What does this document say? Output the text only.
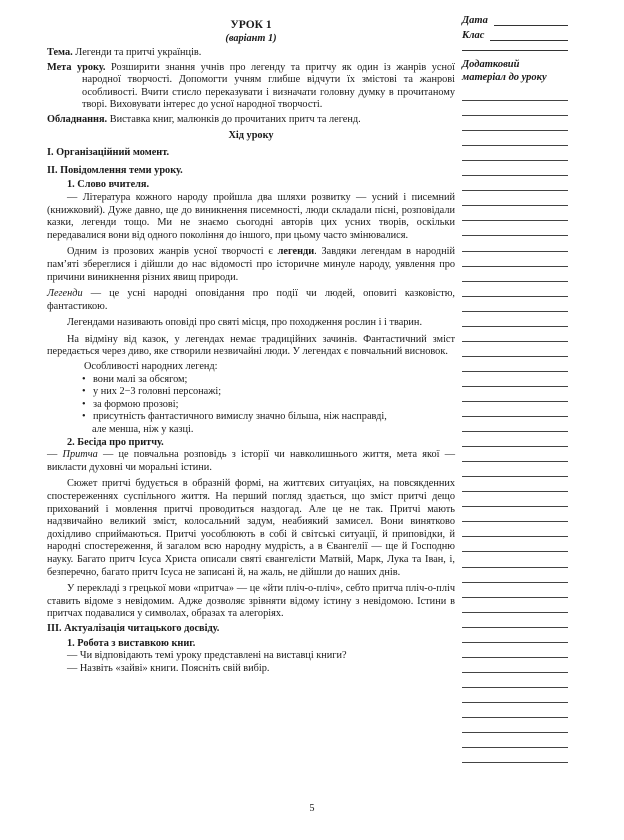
УРОК 1

(варіант 1)

Тема. Легенди та притчі українців.

Мета уроку. Розширити знання учнів про легенду та притчу як один із жанрів усної народної творчості. Допомогти учням глибше відчути їх змістові та жанрові особливості. Вчити стисло переказувати і визначати головну думку в прочитаному творі. Виховувати інтерес до усної народної творчості.

Обладнання. Виставка книг, малюнків до прочитаних притч та легенд.

Хід уроку

І. Організаційний момент.

ІІ. Повідомлення теми уроку.

1. Слово вчителя.

— Література кожного народу пройшла два шляхи розвитку — усний і писемний (книжковий). Дуже давно, ще до виникнення писемності, люди складали пісні, розповідали казки, легенди тощо. Ми не знаємо сьогодні авторів цих усних творів, оскільки передавалися вони від одного покоління до іншого, при цьому часто змінювалися.

Одним із прозових жанрів усної творчості є легенди. Завдяки легендам в народній пам’яті збереглися і дійшли до нас відомості про історичне минуле народу, уявлення про причини виникнення різних явищ природи.

Легенди — це усні народні оповідання про події чи людей, оповиті казковістю, фантастикою.

Легендами називають оповіді про святі місця, про походження рослин і і тварин.

На відміну від казок, у легендах немає традиційних зачинів. Фантастичний зміст передається через диво, яке створили незвичайні люди. У легендах є повчальний висновок.

Особливості народних легенд:

• вони малі за обсягом;
• у них 2−3 головні персонажі;
• за формою прозові;
• присутність фантастичного вимислу значно більша, ніж насправді,

але менша, ніж у казці.

2. Бесіда про притчу.

— Притча — це повчальна розповідь з історії чи навколишнього життя, мета якої — викласти духовні чи моральні істини.

Сюжет притчі будується в образній формі, на життєвих ситуаціях, на повсякденних спостереженнях суспільного життя. На перший погляд здається, що зміст притчі дещо прихований і мовлення притчі проводиться наздогад. Але це не так. Притчі мають надзвичайно великий зміст, колосальний задум, неабиякий замисел. Вони винятково дохідливо сприймаються. Притчі уособлюють в собі й світські ситуації, й приповідки, й народні спостереження, й загалом всю народну мудрість, а в Євангелії — ще й Господню науку. Багато притч Ісуса Христа описали святі євангелісти Матвій, Марк, Лука та Іван, і, безперечно, багато притч Ісуса не записані й, на жаль, не дійшли до наших днів.

У перекладі з грецької мови «притча» — це «йти пліч-о-пліч», себто притча пліч-о-пліч ставить відоме з невідомим. Адже дозволяє зрівняти відому істину з невідомою. Істини в притчах подавалися у символах, образах та алегоріях.

ІІІ. Актуалізація читацького досвіду.

1. Робота з виставкою книг.

— Чи відповідають темі уроку представлені на виставці книги?

— Назвіть «зайві» книги. Поясніть свій вибір.

Дата
Клас
Додатковий
матеріал до уроку
5
